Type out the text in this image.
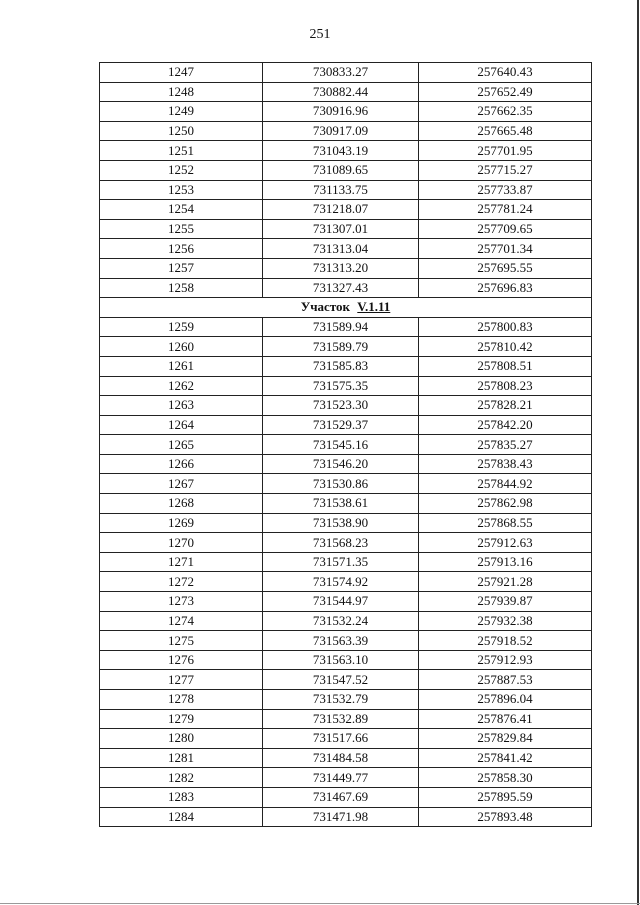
251
1247	730833.27	257640.43
1248	730882.44	257652.49
1249	730916.96	257662.35
1250	730917.09	257665.48
1251	731043.19	257701.95
1252	731089.65	257715.27
1253	731133.75	257733.87
1254	731218.07	257781.24
1255	731307.01	257709.65
1256	731313.04	257701.34
1257	731313.20	257695.55
1258	731327.43	257696.83
Участок V.1.11		
1259	731589.94	257800.83
1260	731589.79	257810.42
1261	731585.83	257808.51
1262	731575.35	257808.23
1263	731523.30	257828.21
1264	731529.37	257842.20
1265	731545.16	257835.27
1266	731546.20	257838.43
1267	731530.86	257844.92
1268	731538.61	257862.98
1269	731538.90	257868.55
1270	731568.23	257912.63
1271	731571.35	257913.16
1272	731574.92	257921.28
1273	731544.97	257939.87
1274	731532.24	257932.38
1275	731563.39	257918.52
1276	731563.10	257912.93
1277	731547.52	257887.53
1278	731532.79	257896.04
1279	731532.89	257876.41
1280	731517.66	257829.84
1281	731484.58	257841.42
1282	731449.77	257858.30
1283	731467.69	257895.59
1284	731471.98	257893.48
